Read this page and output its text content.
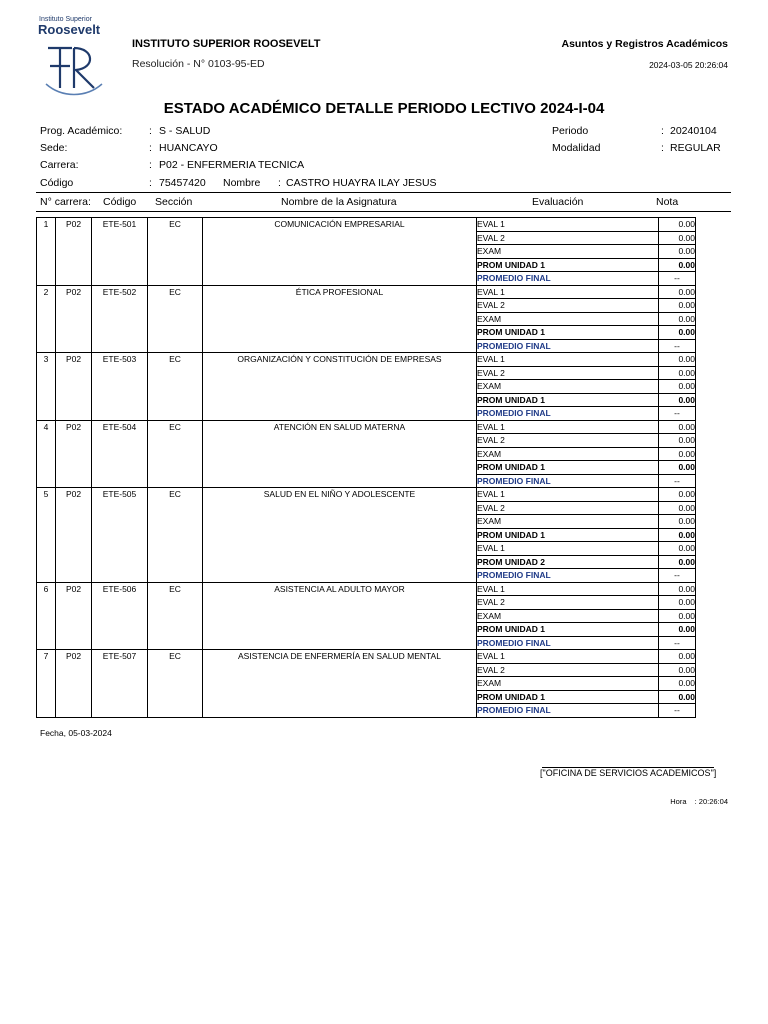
Instituto Superior
Roosevelt
INSTITUTO SUPERIOR ROOSEVELT
Resolución - N° 0103-95-ED
Asuntos y Registros Académicos
2024-03-05 20:26:04
ESTADO ACADÉMICO DETALLE PERIODO LECTIVO 2024-I-04
Prog. Académico:	: S - SALUD
Sede:	: HUANCAYO
Carrera:	: P02 - ENFERMERIA TECNICA
Código	: 75457420 Nombre : CASTRO HUAYRA ILAY JESUS
Periodo	: 20240104
Modalidad	: REGULAR
N° carrera: Código Sección	Nombre de la Asignatura	Evaluación	Nota
1	P02	ETE-501	EC	COMUNICACIÓN EMPRESARIAL	EVAL 1	0.00
					EVAL 2	0.00
					EXAM	0.00
					PROM UNIDAD 1	0.00
					PROMEDIO FINAL	--
2	P02	ETE-502	EC	ÉTICA PROFESIONAL	EVAL 1	0.00
					EVAL 2	0.00
					EXAM	0.00
					PROM UNIDAD 1	0.00
					PROMEDIO FINAL	--
3	P02	ETE-503	EC	ORGANIZACIÓN Y CONSTITUCIÓN DE EMPRESAS	EVAL 1	0.00
					EVAL 2	0.00
					EXAM	0.00
					PROM UNIDAD 1	0.00
					PROMEDIO FINAL	--
4	P02	ETE-504	EC	ATENCIÓN EN SALUD MATERNA	EVAL 1	0.00
					EVAL 2	0.00
					EXAM	0.00
					PROM UNIDAD 1	0.00
					PROMEDIO FINAL	--
5	P02	ETE-505	EC	SALUD EN EL NIÑO Y ADOLESCENTE	EVAL 1	0.00
					EVAL 2	0.00
					EXAM	0.00
					PROM UNIDAD 1	0.00
					EVAL 1	0.00
					PROM UNIDAD 2	0.00
					PROMEDIO FINAL	--
6	P02	ETE-506	EC	ASISTENCIA AL ADULTO MAYOR	EVAL 1	0.00
					EVAL 2	0.00
					EXAM	0.00
					PROM UNIDAD 1	0.00
					PROMEDIO FINAL	--
7	P02	ETE-507	EC	ASISTENCIA DE ENFERMERÍA EN SALUD MENTAL	EVAL 1	0.00
					EVAL 2	0.00
					EXAM	0.00
					PROM UNIDAD 1	0.00
					PROMEDIO FINAL	--
Fecha, 05-03-2024
["OFICINA DE SERVICIOS ACADEMICOS"]
Hora : 20:26:04
